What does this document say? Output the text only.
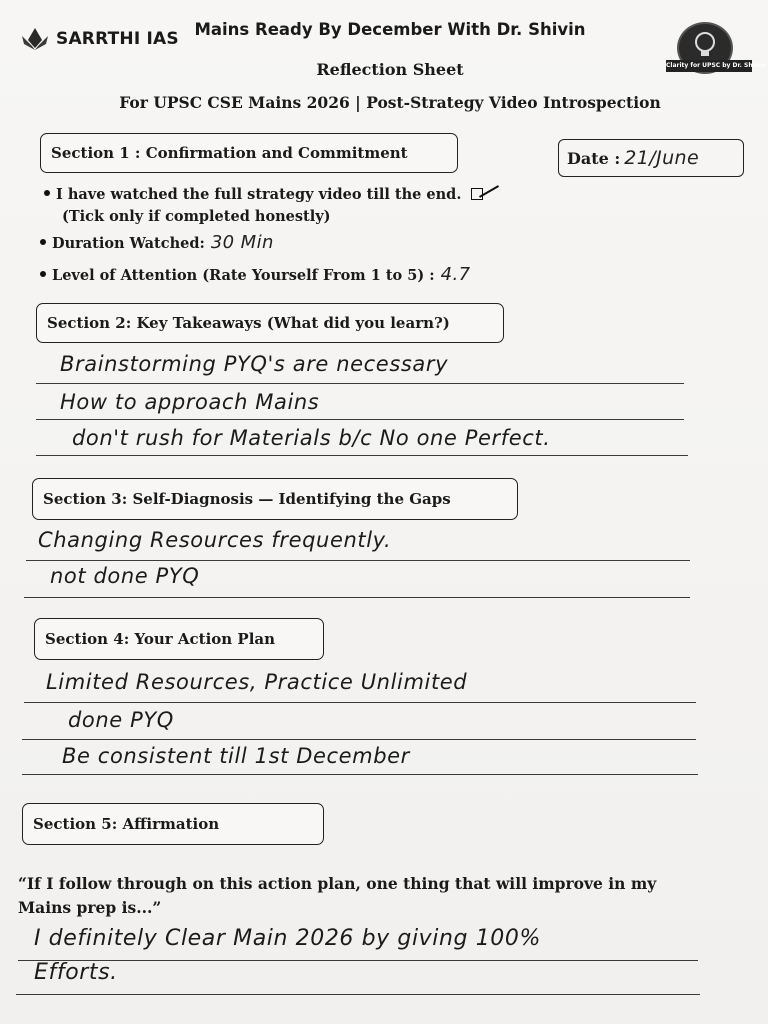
SARRTHI IAS Mains Ready By December With Dr. Shivin
Reflection Sheet
For UPSC CSE Mains 2026 | Post-Strategy Video Introspection
Clarity for UPSC by Dr. Shivin
Section 1 : Confirmation and Commitment	Date : 21/June
I have watched the full strategy video till the end.
(Tick only if completed honestly)
Duration Watched: 30 Min
Level of Attention (Rate Yourself From 1 to 5) : 4.7
Section 2: Key Takeaways (What did you learn?)
Brainstorming PYQ's are necessary
How to approach Mains
don't rush for Materials b/c No one Perfect.
Section 3: Self-Diagnosis — Identifying the Gaps
Changing Resources frequently.
not done PYQ
Section 4: Your Action Plan
Limited Resources, Practice Unlimited
done PYQ
Be consistent till 1st December
Section 5: Affirmation
“If I follow through on this action plan, one thing that will improve in my Mains prep is...”
I definitely Clear Main 2026 by giving 100%
Efforts.
